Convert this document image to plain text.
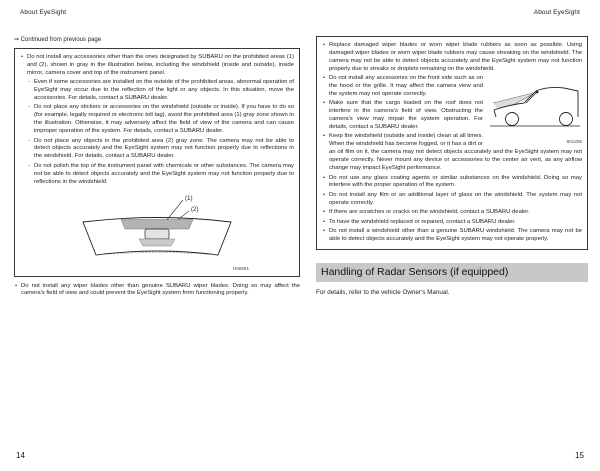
About EyeSight	About EyeSight
⇒ Continued from previous page
• Do not install any accessories other than the ones designated by SUBARU on the prohibited areas (1) and (2), shown in gray in the illustration below, including the windshield (inside and outside), inside mirror, camera cover and top of the instrument panel.
- Even if some accessories are installed on the outside of the prohibited areas, abnormal operation of EyeSight may occur due to the reflection of the light or any objects. In this situation, move the accessories. For details, contact a SUBARU dealer.
- Do not place any stickers or accessories on the windshield (outside or inside). If you have to do so (for example, legally required or electronic toll tag), avoid the prohibited area (1) gray zone shown in the illustration. Otherwise, it may adversely affect the field of view of the camera and can cause improper operation of the system. For details, contact a SUBARU dealer.
- Do not place any objects in the prohibited area (2) gray zone. The camera may not be able to detect objects accurately and the EyeSight system may not function properly due to reflections in the windshield. For details, contact a SUBARU dealer.
- Do not polish the top of the instrument panel with chemicals or other substances. The camera may not be able to detect objects accurately and the EyeSight system may not function properly due to reflections in the windshield.
(1)
(2)
H00651
• Do not install any wiper blades other than genuine SUBARU wiper blades. Doing so may affect the camera's field of view and could prevent the EyeSight system from functioning properly.
• Replace damaged wiper blades or worn wiper blade rubbers as soon as possible. Using damaged wiper blades or worn wiper blade rubbers may cause streaking on the windshield. The camera may not be able to detect objects accurately and the EyeSight system may not function properly due to streaks or droplets remaining on the windshield.
801206
• Do not install any accessories on the front side such as on the hood or the grille. It may affect the camera view and the system may not operate correctly.
• Make sure that the cargo loaded on the roof does not interfere in the camera's field of view. Obstructing the camera's view may impair the system operation. For details, contact a SUBARU dealer.
• Keep the windshield (outside and inside) clean at all times. When the windshield has become fogged, or it has a dirt or an oil film on it, the camera may not detect objects accurately and the EyeSight system may not operate correctly. Never mount any device or accessories to the center air vent, as any airflow change may impact EyeSight performance.
• Do not use any glass coating agents or similar substances on the windshield. Doing so may interfere with the proper operation of the system.
• Do not install any film or an additional layer of glass on the windshield. The system may not operate correctly.
• If there are scratches or cracks on the windshield, contact a SUBARU dealer.
• To have the windshield replaced or repaired, contact a SUBARU dealer.
• Do not install a windshield other than a genuine SUBARU windshield. The camera may not be able to detect objects accurately and the EyeSight system may not operate properly.
Handling of Radar Sensors (if equipped)
For details, refer to the vehicle Owner's Manual.
14	15
